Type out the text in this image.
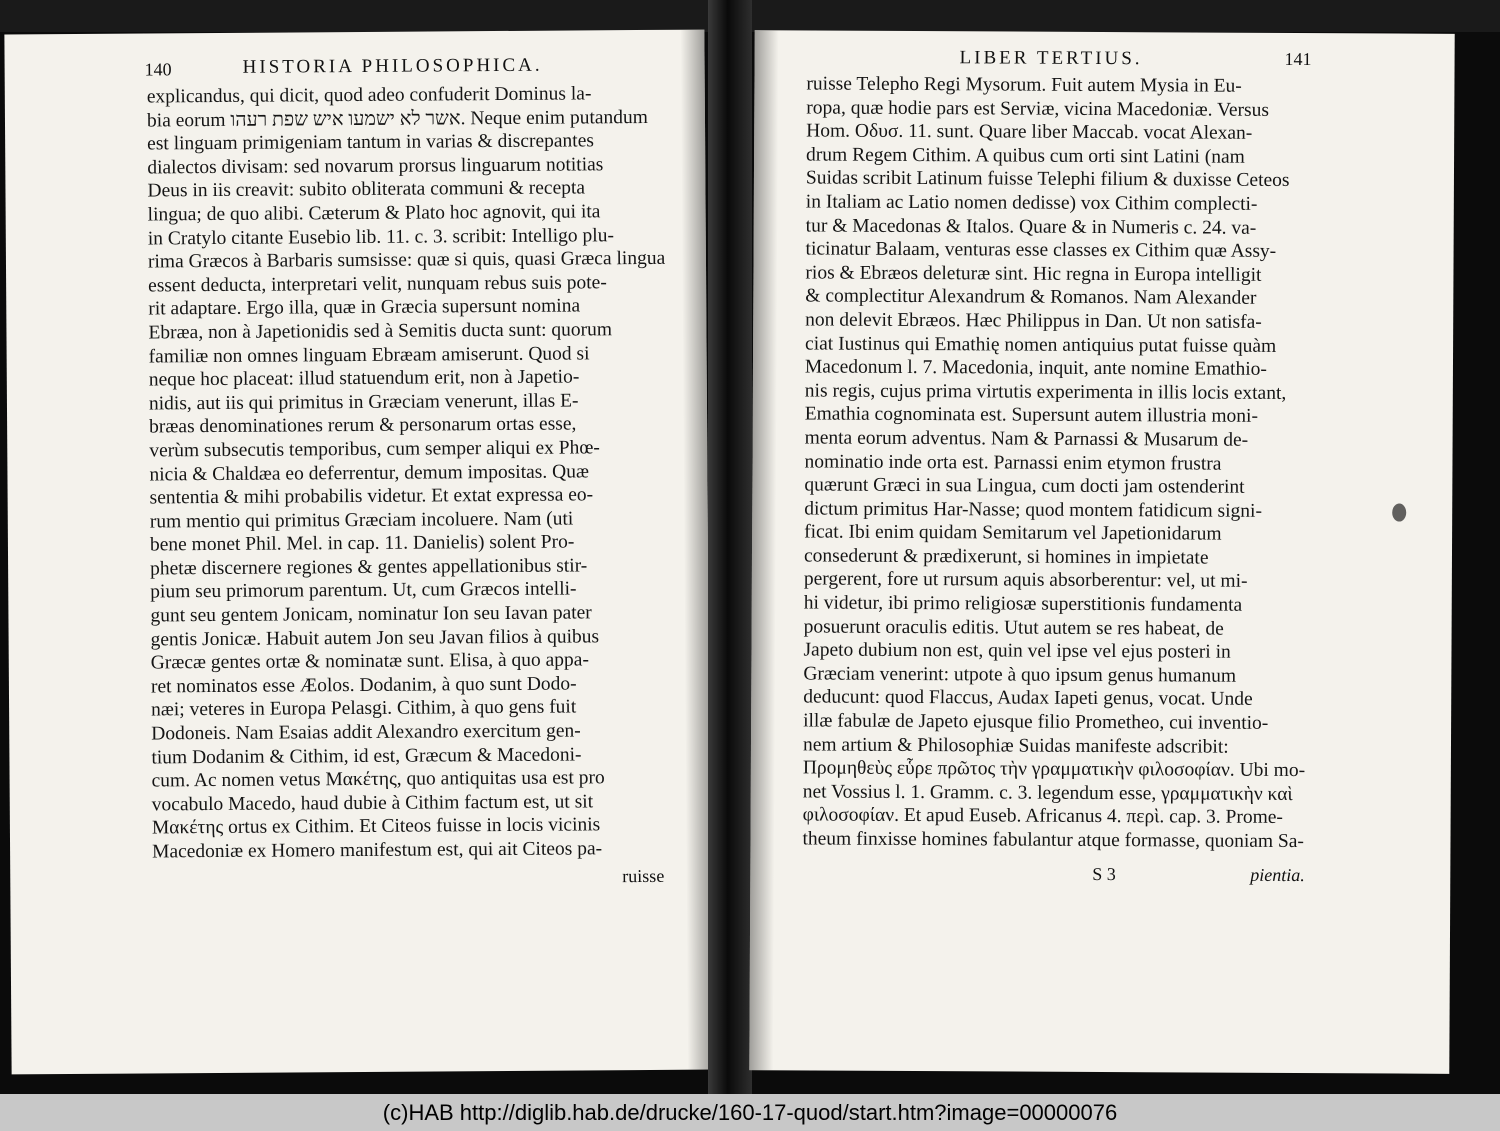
140	HISTORIA PHILOSOPHICA.
explicandus, qui dicit, quod adeo confuderit Dominus la-
bia eorum אשר לא ישמעו איש שפת רעהו. Neque enim putandum
est linguam primigeniam tantum in varias & discrepantes
dialectos divisam: sed novarum prorsus linguarum notitias
Deus in iis creavit: subito obliterata communi & recepta
lingua; de quo alibi. Cæterum & Plato hoc agnovit, qui ita
in Cratylo citante Eusebio lib. 11. c. 3. scribit: Intelligo plu-
rima Græcos à Barbaris sumsisse: quæ si quis, quasi Græca lingua
essent deducta, interpretari velit, nunquam rebus suis pote-
rit adaptare. Ergo illa, quæ in Græcia supersunt nomina
Ebræa, non à Japetionidis sed à Semitis ducta sunt: quorum
familiæ non omnes linguam Ebræam amiserunt. Quod si
neque hoc placeat: illud statuendum erit, non à Japetio-
nidis, aut iis qui primitus in Græciam venerunt, illas E-
bræas denominationes rerum & personarum ortas esse,
verùm subsecutis temporibus, cum semper aliqui ex Phœ-
nicia & Chaldæa eo deferrentur, demum impositas. Quæ
sententia & mihi probabilis videtur. Et extat expressa eo-
rum mentio qui primitus Græciam incoluere. Nam (uti
bene monet Phil. Mel. in cap. 11. Danielis) solent Pro-
phetæ discernere regiones & gentes appellationibus stir-
pium seu primorum parentum. Ut, cum Græcos intelli-
gunt seu gentem Jonicam, nominatur Ion seu Iavan pater
gentis Jonicæ. Habuit autem Jon seu Javan filios à quibus
Græcæ gentes ortæ & nominatæ sunt. Elisa, à quo appa-
ret nominatos esse Æolos. Dodanim, à quo sunt Dodo-
næi; veteres in Europa Pelasgi. Cithim, à quo gens fuit
Dodoneis. Nam Esaias addit Alexandro exercitum gen-
tium Dodanim & Cithim, id est, Græcum & Macedoni-
cum. Ac nomen vetus Μακέτης, quo antiquitas usa est pro
vocabulo Macedo, haud dubie à Cithim factum est, ut sit
Μακέτης ortus ex Cithim. Et Citeos fuisse in locis vicinis
Macedoniæ ex Homero manifestum est, qui ait Citeos pa-
ruisse
LIBER TERTIUS.	141
ruisse Telepho Regi Mysorum. Fuit autem Mysia in Eu-
ropa, quæ hodie pars est Serviæ, vicina Macedoniæ. Versus
Hom. Οδυσ. 11. sunt. Quare liber Maccab. vocat Alexan-
drum Regem Cithim. A quibus cum orti sint Latini (nam
Suidas scribit Latinum fuisse Telephi filium & duxisse Ceteos
in Italiam ac Latio nomen dedisse) vox Cithim complecti-
tur & Macedonas & Italos. Quare & in Numeris c. 24. va-
ticinatur Balaam, venturas esse classes ex Cithim quæ Assy-
rios & Ebræos deleturæ sint. Hic regna in Europa intelligit
& complectitur Alexandrum & Romanos. Nam Alexander
non delevit Ebræos. Hæc Philippus in Dan. Ut non satisfa-
ciat Iustinus qui Emathię nomen antiquius putat fuisse quàm
Macedonum l. 7. Macedonia, inquit, ante nomine Emathio-
nis regis, cujus prima virtutis experimenta in illis locis extant,
Emathia cognominata est. Supersunt autem illustria moni-
menta eorum adventus. Nam & Parnassi & Musarum de-
nominatio inde orta est. Parnassi enim etymon frustra
quærunt Græci in sua Lingua, cum docti jam ostenderint
dictum primitus Har-Nasse; quod montem fatidicum signi-
ficat. Ibi enim quidam Semitarum vel Japetionidarum
consederunt & prædixerunt, si homines in impietate
pergerent, fore ut rursum aquis absorberentur: vel, ut mi-
hi videtur, ibi primo religiosæ superstitionis fundamenta
posuerunt oraculis editis. Utut autem se res habeat, de
Japeto dubium non est, quin vel ipse vel ejus posteri in
Græciam venerint: utpote à quo ipsum genus humanum
deducunt: quod Flaccus, Audax Iapeti genus, vocat. Unde
illæ fabulæ de Japeto ejusque filio Prometheo, cui inventio-
nem artium & Philosophiæ Suidas manifeste adscribit:
Προμηθεὺς εὗρε πρῶτος τὴν γραμματικὴν φιλοσοφίαν. Ubi mo-
net Vossius l. 1. Gramm. c. 3. legendum esse, γραμματικὴν καὶ
φιλοσοφίαν. Et apud Euseb. Africanus 4. περὶ. cap. 3. Prome-
theum finxisse homines fabulantur atque formasse, quoniam Sa-
S 3	pientia.
(c)HAB http://diglib.hab.de/drucke/160-17-quod/start.htm?image=00000076
